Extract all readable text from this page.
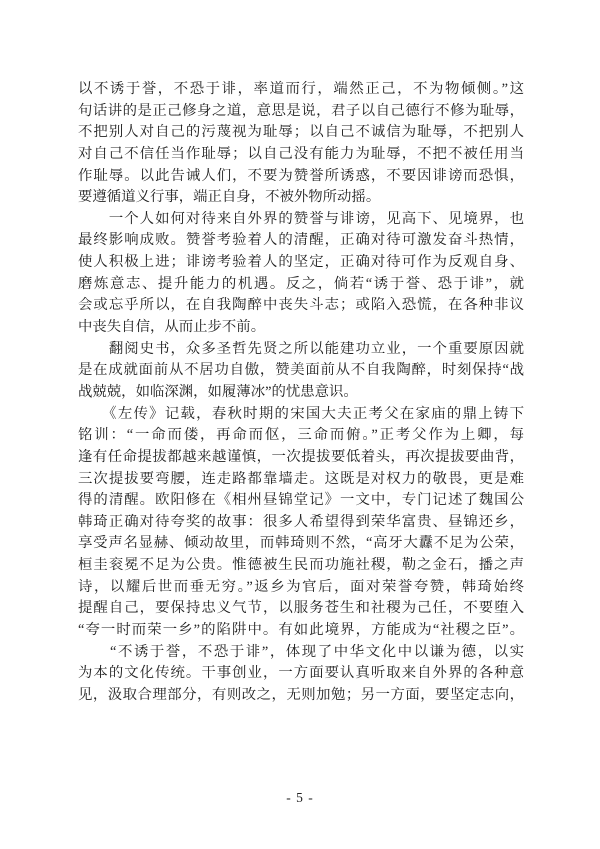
以不诱于誉，不恐于诽，率道而行，端然正己，不为物倾侧。”这
句话讲的是正己修身之道，意思是说，君子以自己德行不修为耻辱，
不把别人对自己的污蔑视为耻辱；以自己不诚信为耻辱，不把别人
对自己不信任当作耻辱；以自己没有能力为耻辱，不把不被任用当
作耻辱。以此告诫人们，不要为赞誉所诱惑，不要因诽谤而恐惧，
要遵循道义行事，端正自身，不被外物所动摇。
　　一个人如何对待来自外界的赞誉与诽谤，见高下、见境界，也
最终影响成败。赞誉考验着人的清醒，正确对待可激发奋斗热情，
使人积极上进；诽谤考验着人的坚定，正确对待可作为反观自身、
磨炼意志、提升能力的机遇。反之，倘若“诱于誉、恐于诽”，就
会或忘乎所以，在自我陶醉中丧失斗志；或陷入恐慌，在各种非议
中丧失自信，从而止步不前。
　　翻阅史书，众多圣哲先贤之所以能建功立业，一个重要原因就
是在成就面前从不居功自傲，赞美面前从不自我陶醉，时刻保持“战
战兢兢，如临深渊，如履薄冰”的忧患意识。
　　《左传》记载，春秋时期的宋国大夫正考父在家庙的鼎上铸下
铭训：“一命而偻，再命而伛，三命而俯。”正考父作为上卿，每
逢有任命提拔都越来越谨慎，一次提拔要低着头，再次提拔要曲背，
三次提拔要弯腰，连走路都靠墙走。这既是对权力的敬畏，更是难
得的清醒。欧阳修在《相州昼锦堂记》一文中，专门记述了魏国公
韩琦正确对待夸奖的故事：很多人希望得到荣华富贵、昼锦还乡，
享受声名显赫、倾动故里，而韩琦则不然，“高牙大纛不足为公荣，
桓圭衮冕不足为公贵。惟德被生民而功施社稷，勒之金石，播之声
诗，以耀后世而垂无穷。”返乡为官后，面对荣誉夸赞，韩琦始终
提醒自己，要保持忠义气节，以服务苍生和社稷为己任，不要堕入
“夸一时而荣一乡”的陷阱中。有如此境界，方能成为“社稷之臣”。
　　“不诱于誉，不恐于诽”，体现了中华文化中以谦为德，以实
为本的文化传统。干事创业，一方面要认真听取来自外界的各种意
见，汲取合理部分，有则改之，无则加勉；另一方面，要坚定志向，
- 5 -
